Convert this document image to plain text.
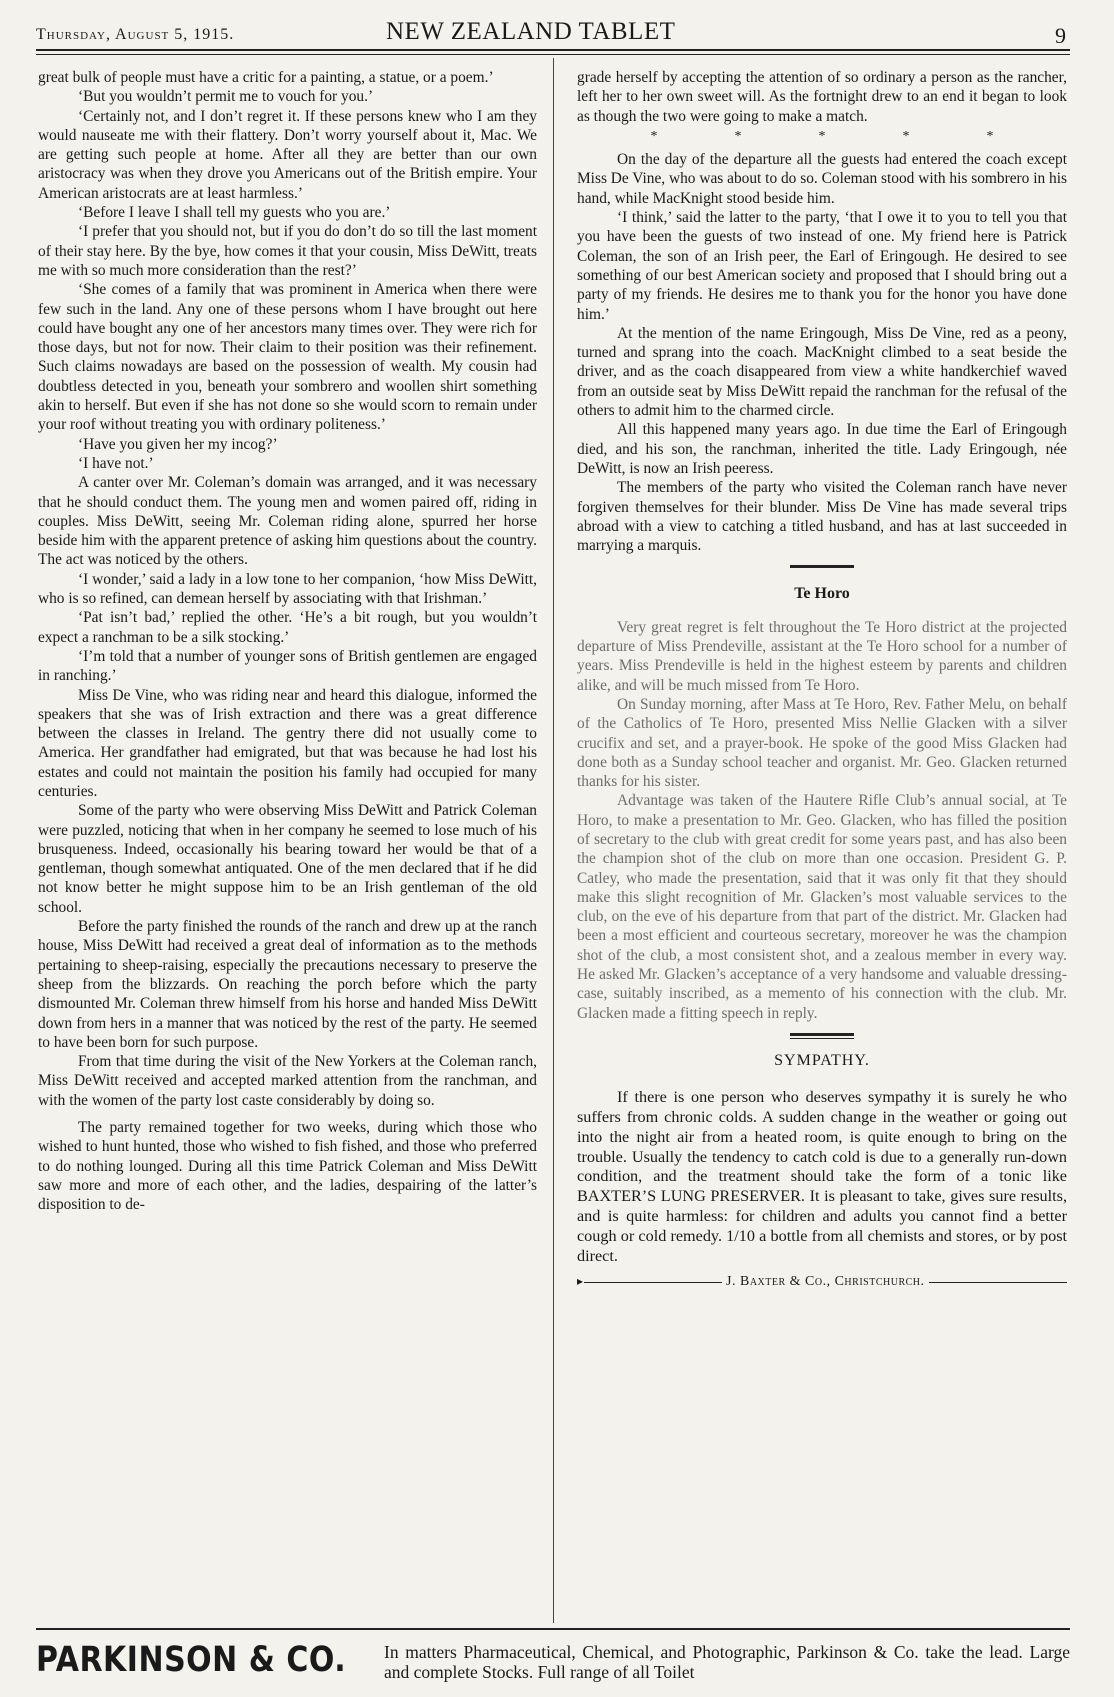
Thursday, August 5, 1915.	NEW ZEALAND TABLET	9

great bulk of people must have a critic for a painting, a statue, or a poem.’

‘But you wouldn’t permit me to vouch for you.’

‘Certainly not, and I don’t regret it. If these persons knew who I am they would nauseate me with their flattery. Don’t worry yourself about it, Mac. We are getting such people at home. After all they are better than our own aristocracy was when they drove you Americans out of the British empire. Your American aristocrats are at least harmless.’

‘Before I leave I shall tell my guests who you are.’

‘I prefer that you should not, but if you do don’t do so till the last moment of their stay here. By the bye, how comes it that your cousin, Miss DeWitt, treats me with so much more consideration than the rest?’

‘She comes of a family that was prominent in America when there were few such in the land. Any one of these persons whom I have brought out here could have bought any one of her ancestors many times over. They were rich for those days, but not for now. Their claim to their position was their refinement. Such claims nowadays are based on the possession of wealth. My cousin had doubtless detected in you, beneath your sombrero and woollen shirt something akin to herself. But even if she has not done so she would scorn to remain under your roof without treating you with ordinary politeness.’

‘Have you given her my incog?’

‘I have not.’

A canter over Mr. Coleman’s domain was arranged, and it was necessary that he should conduct them. The young men and women paired off, riding in couples. Miss DeWitt, seeing Mr. Coleman riding alone, spurred her horse beside him with the apparent pretence of asking him questions about the country. The act was noticed by the others.

‘I wonder,’ said a lady in a low tone to her companion, ‘how Miss DeWitt, who is so refined, can demean herself by associating with that Irishman.’

‘Pat isn’t bad,’ replied the other. ‘He’s a bit rough, but you wouldn’t expect a ranchman to be a silk stocking.’

‘I’m told that a number of younger sons of British gentlemen are engaged in ranching.’

Miss De Vine, who was riding near and heard this dialogue, informed the speakers that she was of Irish extraction and there was a great difference between the classes in Ireland. The gentry there did not usually come to America. Her grandfather had emigrated, but that was because he had lost his estates and could not maintain the position his family had occupied for many centuries.

Some of the party who were observing Miss DeWitt and Patrick Coleman were puzzled, noticing that when in her company he seemed to lose much of his brusqueness. Indeed, occasionally his bearing toward her would be that of a gentleman, though somewhat antiquated. One of the men declared that if he did not know better he might suppose him to be an Irish gentleman of the old school.

Before the party finished the rounds of the ranch and drew up at the ranch house, Miss DeWitt had received a great deal of information as to the methods pertaining to sheep-raising, especially the precautions necessary to preserve the sheep from the blizzards. On reaching the porch before which the party dismounted Mr. Coleman threw himself from his horse and handed Miss DeWitt down from hers in a manner that was noticed by the rest of the party. He seemed to have been born for such purpose.

From that time during the visit of the New Yorkers at the Coleman ranch, Miss DeWitt received and accepted marked attention from the ranchman, and with the women of the party lost caste considerably by doing so.

The party remained together for two weeks, during which those who wished to hunt hunted, those who wished to fish fished, and those who preferred to do nothing lounged. During all this time Patrick Coleman and Miss DeWitt saw more and more of each other, and the ladies, despairing of the latter’s disposition to de-

grade herself by accepting the attention of so ordinary a person as the rancher, left her to her own sweet will. As the fortnight drew to an end it began to look as though the two were going to make a match.

*	*	*	*	*

On the day of the departure all the guests had entered the coach except Miss De Vine, who was about to do so. Coleman stood with his sombrero in his hand, while MacKnight stood beside him.

‘I think,’ said the latter to the party, ‘that I owe it to you to tell you that you have been the guests of two instead of one. My friend here is Patrick Coleman, the son of an Irish peer, the Earl of Eringough. He desired to see something of our best American society and proposed that I should bring out a party of my friends. He desires me to thank you for the honor you have done him.’

At the mention of the name Eringough, Miss De Vine, red as a peony, turned and sprang into the coach. MacKnight climbed to a seat beside the driver, and as the coach disappeared from view a white handkerchief waved from an outside seat by Miss DeWitt repaid the ranchman for the refusal of the others to admit him to the charmed circle.

All this happened many years ago. In due time the Earl of Eringough died, and his son, the ranchman, inherited the title. Lady Eringough, née DeWitt, is now an Irish peeress.

The members of the party who visited the Coleman ranch have never forgiven themselves for their blunder. Miss De Vine has made several trips abroad with a view to catching a titled husband, and has at last succeeded in marrying a marquis.

Te Horo

Very great regret is felt throughout the Te Horo district at the projected departure of Miss Prendeville, assistant at the Te Horo school for a number of years. Miss Prendeville is held in the highest esteem by parents and children alike, and will be much missed from Te Horo.

On Sunday morning, after Mass at Te Horo, Rev. Father Melu, on behalf of the Catholics of Te Horo, presented Miss Nellie Glacken with a silver crucifix and set, and a prayer-book. He spoke of the good Miss Glacken had done both as a Sunday school teacher and organist. Mr. Geo. Glacken returned thanks for his sister.

Advantage was taken of the Hautere Rifle Club’s annual social, at Te Horo, to make a presentation to Mr. Geo. Glacken, who has filled the position of secretary to the club with great credit for some years past, and has also been the champion shot of the club on more than one occasion. President G. P. Catley, who made the presentation, said that it was only fit that they should make this slight recognition of Mr. Glacken’s most valuable services to the club, on the eve of his departure from that part of the district. Mr. Glacken had been a most efficient and courteous secretary, moreover he was the champion shot of the club, a most consistent shot, and a zealous member in every way. He asked Mr. Glacken’s acceptance of a very handsome and valuable dressing-case, suitably inscribed, as a memento of his connection with the club. Mr. Glacken made a fitting speech in reply.

SYMPATHY.

If there is one person who deserves sympathy it is surely he who suffers from chronic colds. A sudden change in the weather or going out into the night air from a heated room, is quite enough to bring on the trouble. Usually the tendency to catch cold is due to a generally run-down condition, and the treatment should take the form of a tonic like BAXTER’S LUNG PRESERVER. It is pleasant to take, gives sure results, and is quite harmless: for children and adults you cannot find a better cough or cold remedy. 1/10 a bottle from all chemists and stores, or by post direct.

▸	J. Baxter & Co., Christchurch.
PARKINSON & CO. In matters Pharmaceutical, Chemical, and Photographic, Parkinson & Co. take the lead. Large and complete Stocks. Full range of all Toilet
